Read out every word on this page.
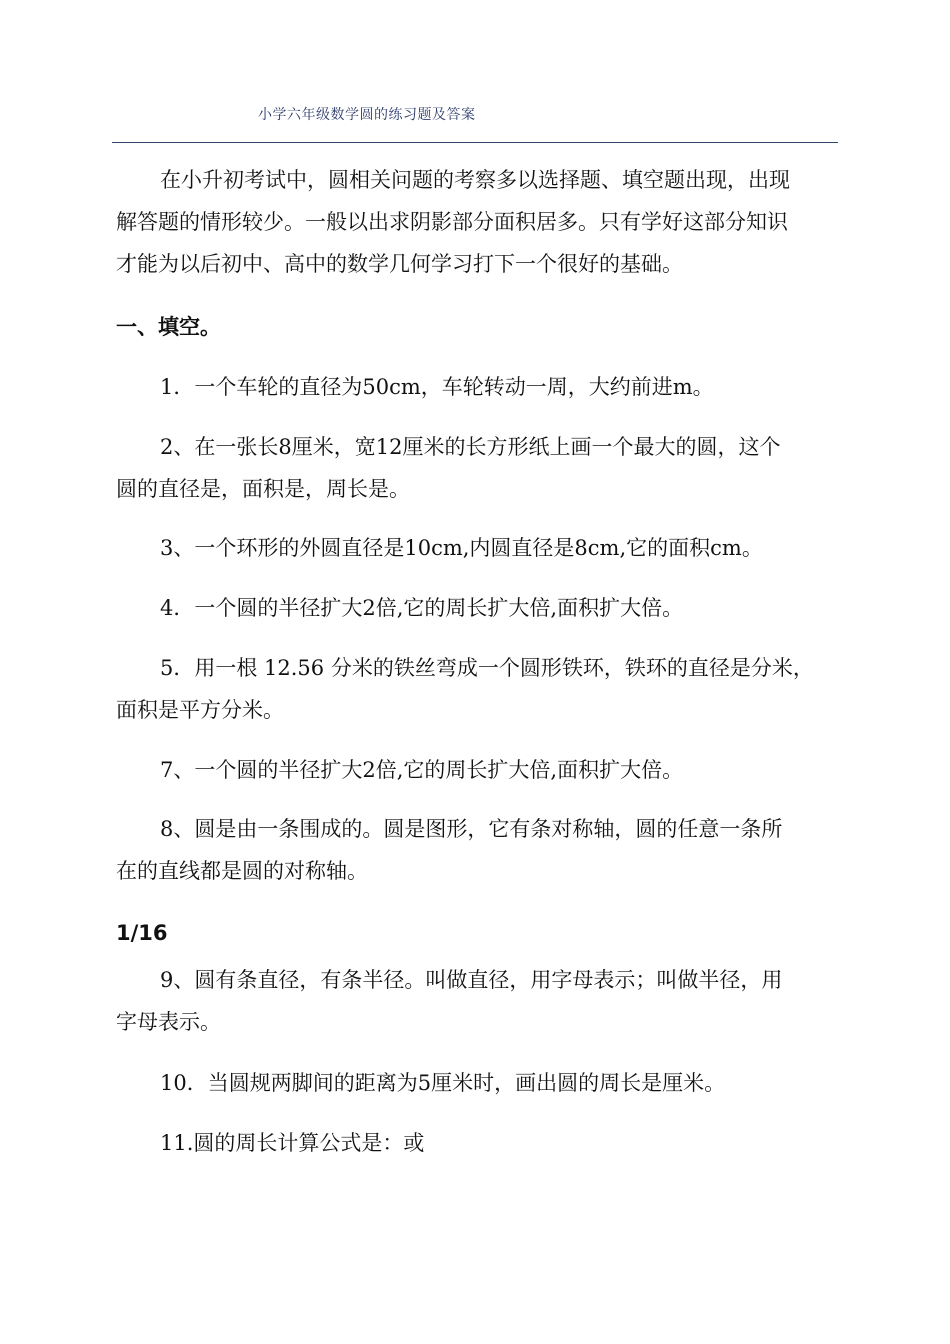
小学六年级数学圆的练习题及答案
在小升初考试中，圆相关问题的考察多以选择题、填空题出现，出现
解答题的情形较少。一般以出求阴影部分面积居多。只有学好这部分知识
才能为以后初中、高中的数学几何学习打下一个很好的基础。
一、填空。
1．一个车轮的直径为50cm，车轮转动一周，大约前进m。
2、在一张长8厘米，宽12厘米的长方形纸上画一个最大的圆，这个
圆的直径是，面积是，周长是。
3、一个环形的外圆直径是10cm,内圆直径是8cm,它的面积cm。
4．一个圆的半径扩大2倍,它的周长扩大倍,面积扩大倍。
5．用一根 12.56 分米的铁丝弯成一个圆形铁环，铁环的直径是分米，
面积是平方分米。
7、一个圆的半径扩大2倍,它的周长扩大倍,面积扩大倍。
8、圆是由一条围成的。圆是图形，它有条对称轴，圆的任意一条所
在的直线都是圆的对称轴。
1/16
9、圆有条直径，有条半径。叫做直径，用字母表示；叫做半径，用
字母表示。
10．当圆规两脚间的距离为5厘米时，画出圆的周长是厘米。
11.圆的周长计算公式是：或
